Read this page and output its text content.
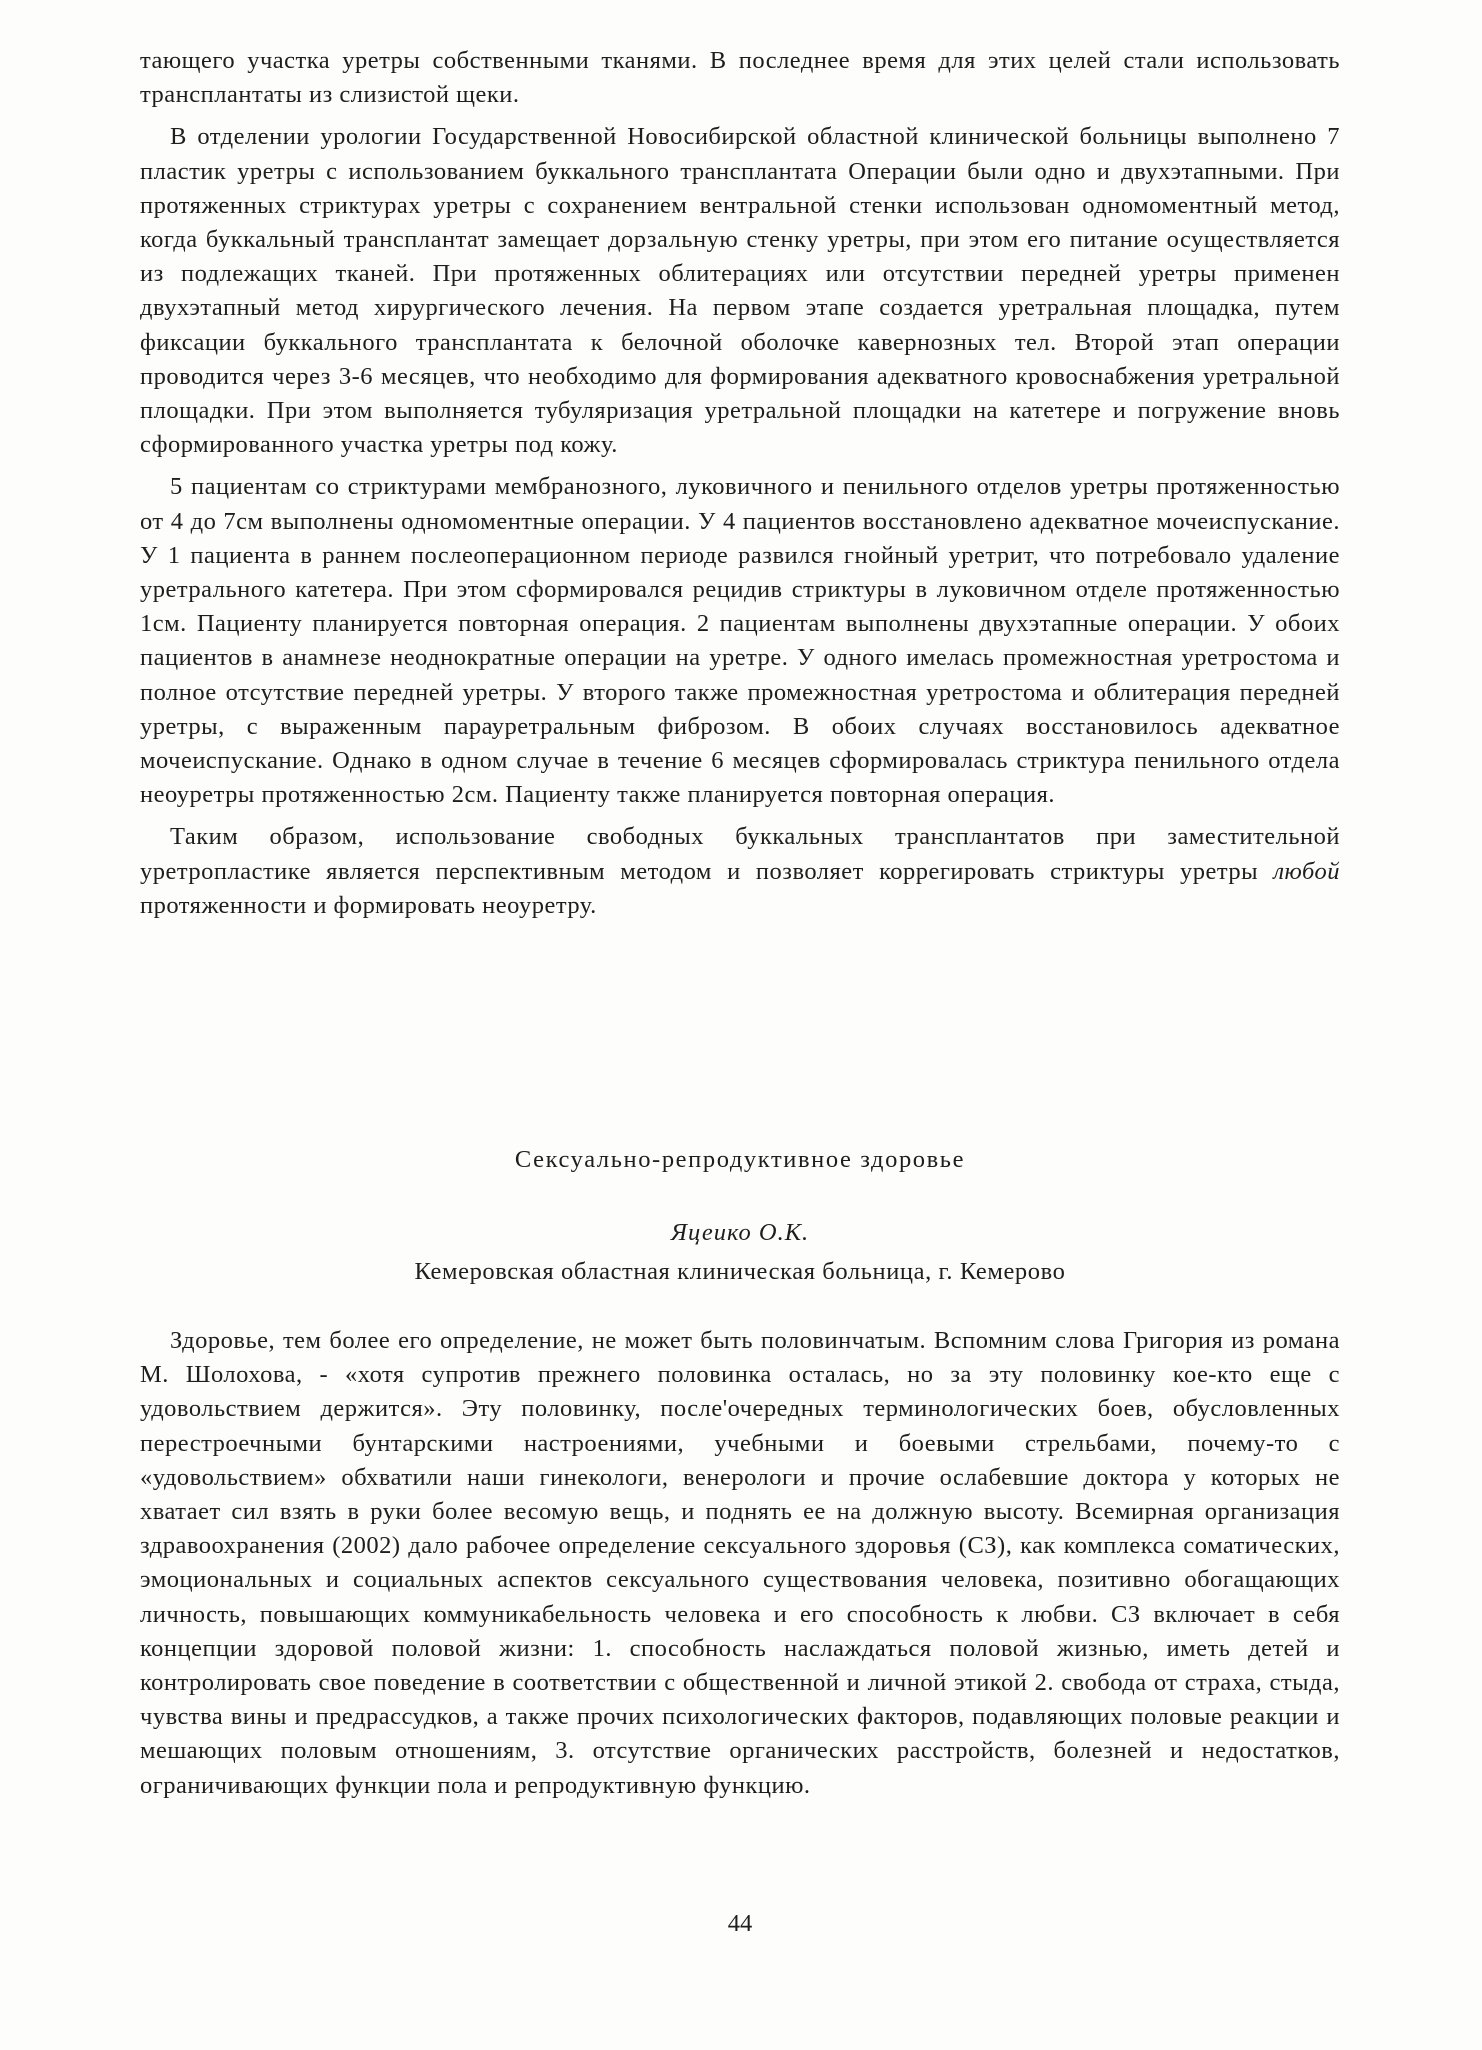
тающего участка уретры собственными тканями. В последнее время для этих целей стали использовать трансплантаты из слизистой щеки.

В отделении урологии Государственной Новосибирской областной клинической больницы выполнено 7 пластик уретры с использованием буккального трансплантата Операции были одно и двухэтапными. При протяженных стриктурах уретры с сохранением вентральной стенки использован одномоментный метод, когда буккальный трансплантат замещает дорзальную стенку уретры, при этом его питание осуществляется из подлежащих тканей. При протяженных облитерациях или отсутствии передней уретры применен двухэтапный метод хирургического лечения. На первом этапе создается уретральная площадка, путем фиксации буккального трансплантата к белочной оболочке кавернозных тел. Второй этап операции проводится через 3-6 месяцев, что необходимо для формирования адекватного кровоснабжения уретральной площадки. При этом выполняется тубуляризация уретральной площадки на катетере и погружение вновь сформированного участка уретры под кожу.

5 пациентам со стриктурами мембранозного, луковичного и пенильного отделов уретры протяженностью от 4 до 7см выполнены одномоментные операции. У 4 пациентов восстановлено адекватное мочеиспускание. У 1 пациента в раннем послеоперационном периоде развился гнойный уретрит, что потребовало удаление уретрального катетера. При этом сформировался рецидив стриктуры в луковичном отделе протяженностью 1см. Пациенту планируется повторная операция. 2 пациентам выполнены двухэтапные операции. У обоих пациентов в анамнезе неоднократные операции на уретре. У одного имелась промежностная уретростома и полное отсутствие передней уретры. У второго также промежностная уретростома и облитерация передней уретры, с выраженным парауретральным фиброзом. В обоих случаях восстановилось адекватное мочеиспускание. Однако в одном случае в течение 6 месяцев сформировалась стриктура пенильного отдела неоуретры протяженностью 2см. Пациенту также планируется повторная операция.

Таким образом, использование свободных буккальных трансплантатов при заместительной уретропластике является перспективным методом и позволяет коррегировать стриктуры уретры любой протяженности и формировать неоуретру.

Сексуально-репродуктивное здоровье
Яцеико О.К.
Кемеровская областная клиническая больница, г. Кемерово

Здоровье, тем более его определение, не может быть половинчатым. Вспомним слова Григория из романа М. Шолохова, - «хотя супротив прежнего половинка осталась, но за эту половинку кое-кто еще с удовольствием держится». Эту половинку, после'очередных терминологических боев, обусловленных перестроечными бунтарскими настроениями, учебными и боевыми стрельбами, почему-то с «удовольствием» обхватили наши гинекологи, венерологи и прочие ослабевшие доктора у которых не хватает сил взять в руки более весомую вещь, и поднять ее на должную высоту. Всемирная организация здравоохранения (2002) дало рабочее определение сексуального здоровья (СЗ), как комплекса соматических, эмоциональных и социальных аспектов сексуального существования человека, позитивно обогащающих личность, повышающих коммуникабельность человека и его способность к любви. СЗ включает в себя концепции здоровой половой жизни: 1. способность наслаждаться половой жизнью, иметь детей и контролировать свое поведение в соответствии с общественной и личной этикой 2. свобода от страха, стыда, чувства вины и предрассудков, а также прочих психологических факторов, подавляющих половые реакции и мешающих половым отношениям, 3. отсутствие органических расстройств, болезней и недостатков, ограничивающих функции пола и репродуктивную функцию.

44
